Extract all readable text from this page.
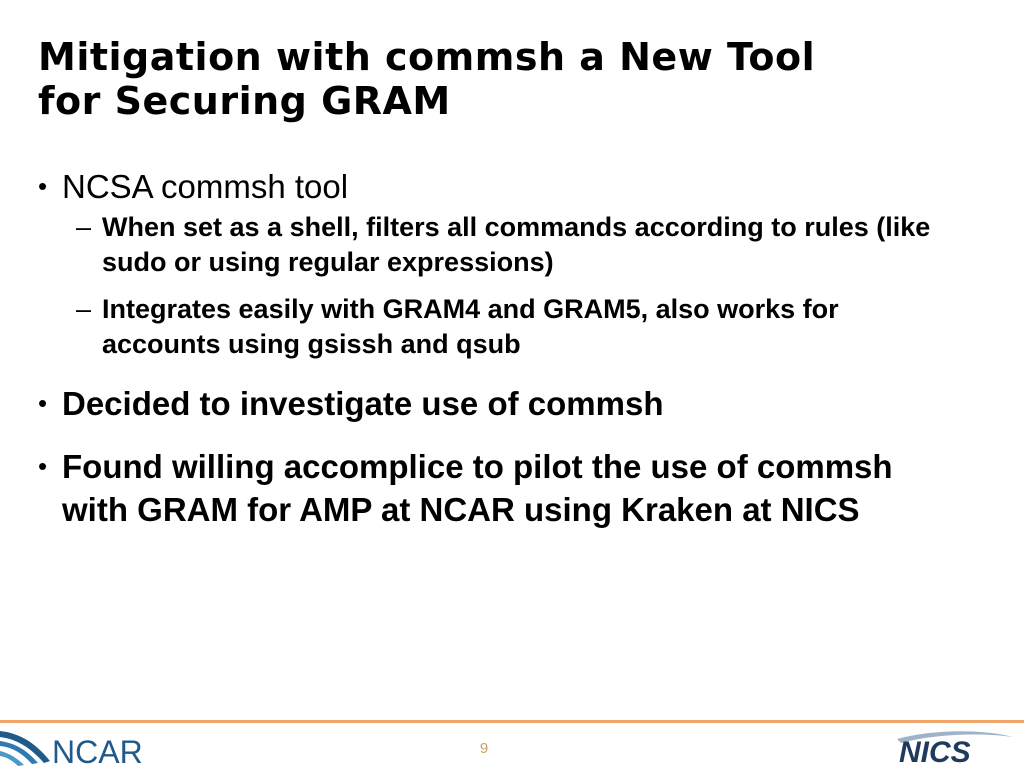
Mitigation with commsh a New Tool
for Securing GRAM
• NCSA commsh tool
– When set as a shell, filters all commands according to rules (like sudo or using regular expressions)
– Integrates easily with GRAM4 and GRAM5, also works for accounts using gsissh and qsub
• Decided to investigate use of commsh
• Found willing accomplice to pilot the use of commsh with GRAM for AMP at NCAR using Kraken at NICS
NCAR	9	NICS
